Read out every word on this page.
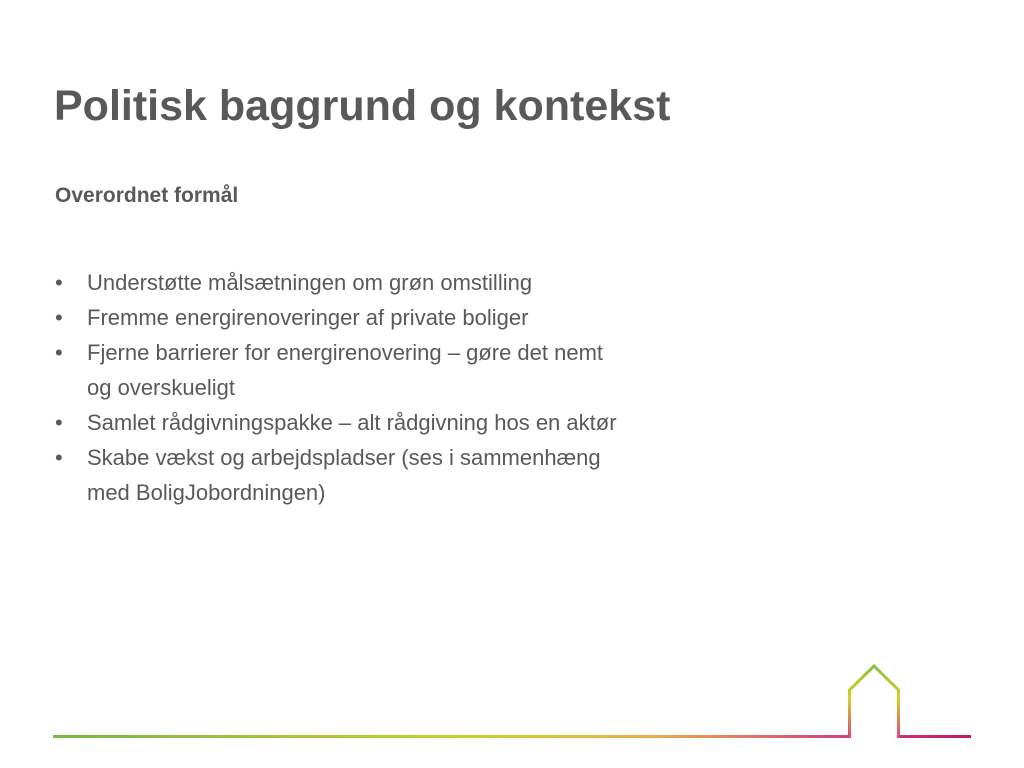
Politisk baggrund og kontekst
Overordnet formål
•	Understøtte målsætningen om grøn omstilling
•	Fremme energirenoveringer af private boliger
•	Fjerne barrierer for energirenovering – gøre det nemt
og overskueligt
•	Samlet rådgivningspakke – alt rådgivning hos en aktør
•	Skabe vækst og arbejdspladser (ses i sammenhæng
med BoligJobordningen)
